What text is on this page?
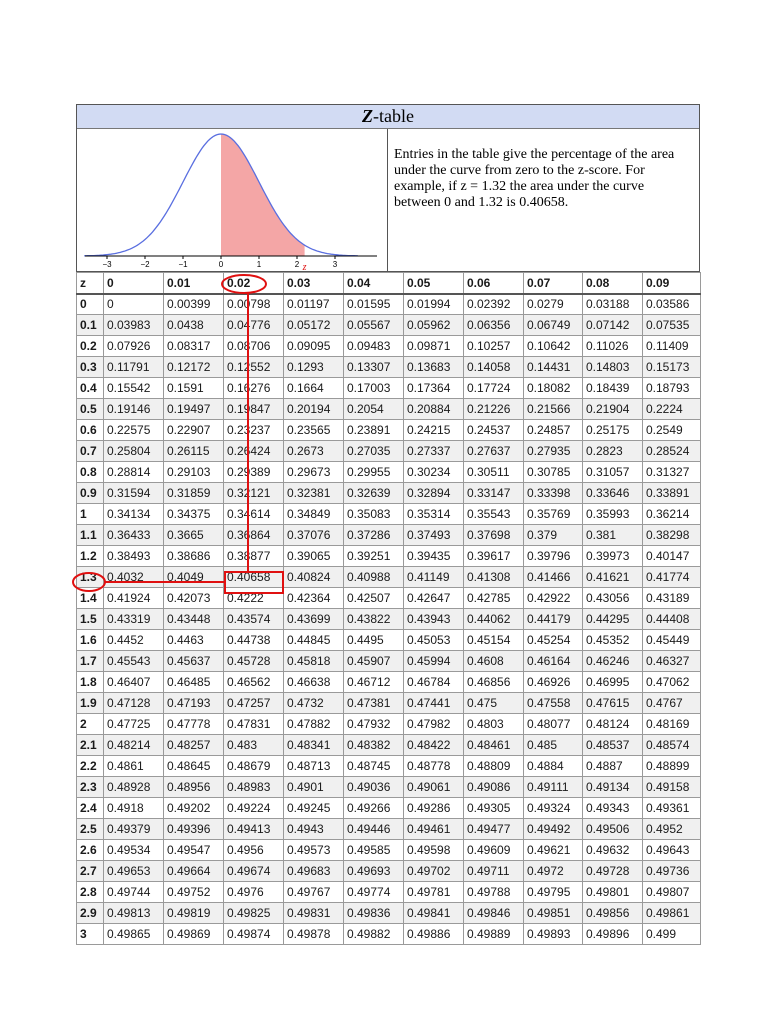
Z-table
−3	−2	−1	0	1	2	3
z
Entries in the table give the percentage of the area under the curve from zero to the z-score. For example, if z = 1.32 the area under the curve between 0 and 1.32 is 0.40658.
z	0	0.01	0.02	0.03	0.04	0.05	0.06	0.07	0.08	0.09
0	0	0.00399	0.00798	0.01197	0.01595	0.01994	0.02392	0.0279	0.03188	0.03586
0.1	0.03983	0.0438	0.04776	0.05172	0.05567	0.05962	0.06356	0.06749	0.07142	0.07535
0.2	0.07926	0.08317	0.08706	0.09095	0.09483	0.09871	0.10257	0.10642	0.11026	0.11409
0.3	0.11791	0.12172	0.12552	0.1293	0.13307	0.13683	0.14058	0.14431	0.14803	0.15173
0.4	0.15542	0.1591	0.16276	0.1664	0.17003	0.17364	0.17724	0.18082	0.18439	0.18793
0.5	0.19146	0.19497	0.19847	0.20194	0.2054	0.20884	0.21226	0.21566	0.21904	0.2224
0.6	0.22575	0.22907	0.23237	0.23565	0.23891	0.24215	0.24537	0.24857	0.25175	0.2549
0.7	0.25804	0.26115	0.26424	0.2673	0.27035	0.27337	0.27637	0.27935	0.2823	0.28524
0.8	0.28814	0.29103	0.29389	0.29673	0.29955	0.30234	0.30511	0.30785	0.31057	0.31327
0.9	0.31594	0.31859	0.32121	0.32381	0.32639	0.32894	0.33147	0.33398	0.33646	0.33891
1	0.34134	0.34375	0.34614	0.34849	0.35083	0.35314	0.35543	0.35769	0.35993	0.36214
1.1	0.36433	0.3665	0.36864	0.37076	0.37286	0.37493	0.37698	0.379	0.381	0.38298
1.2	0.38493	0.38686	0.38877	0.39065	0.39251	0.39435	0.39617	0.39796	0.39973	0.40147
1.3	0.4032	0.4049	0.40658	0.40824	0.40988	0.41149	0.41308	0.41466	0.41621	0.41774
1.4	0.41924	0.42073	0.4222	0.42364	0.42507	0.42647	0.42785	0.42922	0.43056	0.43189
1.5	0.43319	0.43448	0.43574	0.43699	0.43822	0.43943	0.44062	0.44179	0.44295	0.44408
1.6	0.4452	0.4463	0.44738	0.44845	0.4495	0.45053	0.45154	0.45254	0.45352	0.45449
1.7	0.45543	0.45637	0.45728	0.45818	0.45907	0.45994	0.4608	0.46164	0.46246	0.46327
1.8	0.46407	0.46485	0.46562	0.46638	0.46712	0.46784	0.46856	0.46926	0.46995	0.47062
1.9	0.47128	0.47193	0.47257	0.4732	0.47381	0.47441	0.475	0.47558	0.47615	0.4767
2	0.47725	0.47778	0.47831	0.47882	0.47932	0.47982	0.4803	0.48077	0.48124	0.48169
2.1	0.48214	0.48257	0.483	0.48341	0.48382	0.48422	0.48461	0.485	0.48537	0.48574
2.2	0.4861	0.48645	0.48679	0.48713	0.48745	0.48778	0.48809	0.4884	0.4887	0.48899
2.3	0.48928	0.48956	0.48983	0.4901	0.49036	0.49061	0.49086	0.49111	0.49134	0.49158
2.4	0.4918	0.49202	0.49224	0.49245	0.49266	0.49286	0.49305	0.49324	0.49343	0.49361
2.5	0.49379	0.49396	0.49413	0.4943	0.49446	0.49461	0.49477	0.49492	0.49506	0.4952
2.6	0.49534	0.49547	0.4956	0.49573	0.49585	0.49598	0.49609	0.49621	0.49632	0.49643
2.7	0.49653	0.49664	0.49674	0.49683	0.49693	0.49702	0.49711	0.4972	0.49728	0.49736
2.8	0.49744	0.49752	0.4976	0.49767	0.49774	0.49781	0.49788	0.49795	0.49801	0.49807
2.9	0.49813	0.49819	0.49825	0.49831	0.49836	0.49841	0.49846	0.49851	0.49856	0.49861
3	0.49865	0.49869	0.49874	0.49878	0.49882	0.49886	0.49889	0.49893	0.49896	0.499
